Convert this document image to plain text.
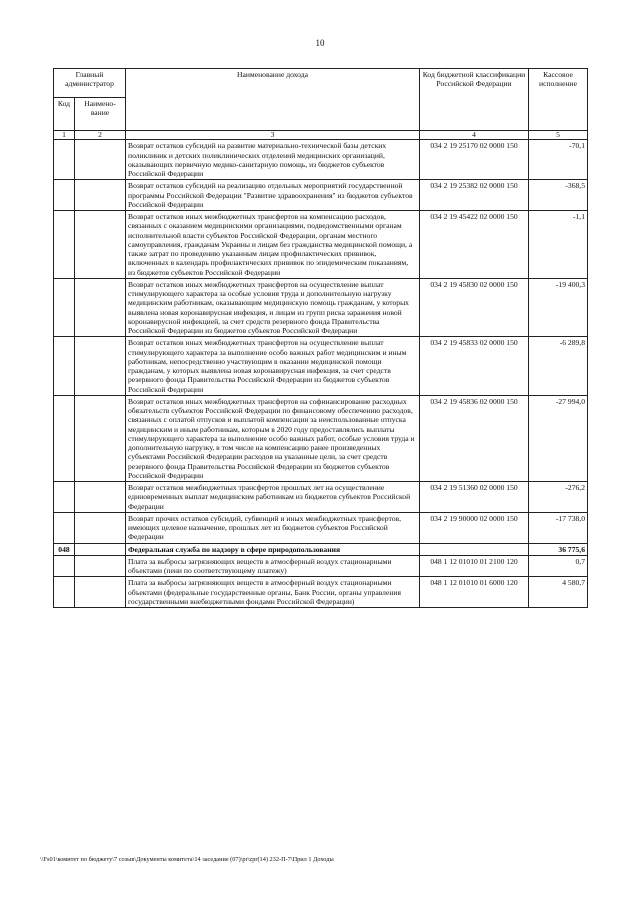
10
Главный администратор		Наименование дохода	Код бюджетной классификации Российской Федерации	Кассовое исполнение
Код	Наимено-вание			
1	2	3	4	5
		Возврат остатков субсидий на развитие материально-технической базы детских поликлиник и детских поликлинических отделений медицинских организаций, оказывающих первичную медико-санитарную помощь, из бюджетов субъектов Российской Федерации	034 2 19 25170 02 0000 150	-70,1
		Возврат остатков субсидий на реализацию отдельных мероприятий государственной программы Российской Федерации "Развитие здравоохранения" из бюджетов субъектов Российской Федерации	034 2 19 25382 02 0000 150	-368,5
		Возврат остатков иных межбюджетных трансфертов на компенсацию расходов, связанных с оказанием медицинскими организациями, подведомственными органам исполнительной власти субъектов Российской Федерации, органам местного самоуправления, гражданам Украины и лицам без гражданства медицинской помощи, а также затрат по проведению указанным лицам профилактических прививок, включенных в календарь профилактических прививок по эпидемическим показаниям, из бюджетов субъектов Российской Федерации	034 2 19 45422 02 0000 150	-1,1
		Возврат остатков иных межбюджетных трансфертов на осуществление выплат стимулирующего характера за особые условия труда и дополнительную нагрузку медицинским работникам, оказывающим медицинскую помощь гражданам, у которых выявлена новая коронавирусная инфекция, и лицам из групп риска заражения новой коронавирусной инфекцией, за счет средств резервного фонда Правительства Российской Федерации из бюджетов субъектов Российской Федерации	034 2 19 45830 02 0000 150	-19 400,3
		Возврат остатков иных межбюджетных трансфертов на осуществление выплат стимулирующего характера за выполнение особо важных работ медицинским и иным работникам, непосредственно участвующим в оказании медицинской помощи гражданам, у которых выявлена новая коронавирусная инфекция, за счет средств резервного фонда Правительства Российской Федерации из бюджетов субъектов Российской Федерации	034 2 19 45833 02 0000 150	-6 289,8
		Возврат остатков иных межбюджетных трансфертов на софинансирование расходных обязательств субъектов Российской Федерации по финансовому обеспечению расходов, связанных с оплатой отпусков и выплатой компенсации за неиспользованные отпуска медицинским и иным работникам, которым в 2020 году предоставлялись выплаты стимулирующего характера за выполнение особо важных работ, особые условия труда и дополнительную нагрузку, в том числе на компенсацию ранее произведенных субъектами Российской Федерации расходов на указанные цели, за счет средств резервного фонда Правительства Российской Федерации из бюджетов субъектов Российской Федерации	034 2 19 45836 02 0000 150	-27 994,0
		Возврат остатков межбюджетных трансфертов прошлых лет на осуществление единовременных выплат медицинским работникам из бюджетов субъектов Российской Федерации	034 2 19 51360 02 0000 150	-276,2
		Возврат прочих остатков субсидий, субвенций и иных межбюджетных трансфертов, имеющих целевое назначение, прошлых лет из бюджетов субъектов Российской Федерации	034 2 19 90000 02 0000 150	-17 738,0
048		Федеральная служба по надзору в сфере природопользования		36 775,6
		Плата за выбросы загрязняющих веществ в атмосферный воздух стационарными объектами (пени по соответствующему платежу)	048 1 12 01010 01 2100 120	0,7
		Плата за выбросы загрязняющих веществ в атмосферный воздух стационарными объектами (федеральные государственные органы, Банк России, органы управления государственными внебюджетными фондами Российской Федерации)	048 1 12 01010 01 6000 120	4 580,7
\\Fs01\комитет по бюджету\7 созыв\Документы комитета\14 заседание (07)\pr\zpr(14) 232-П-7\Прил 1 Доходы
